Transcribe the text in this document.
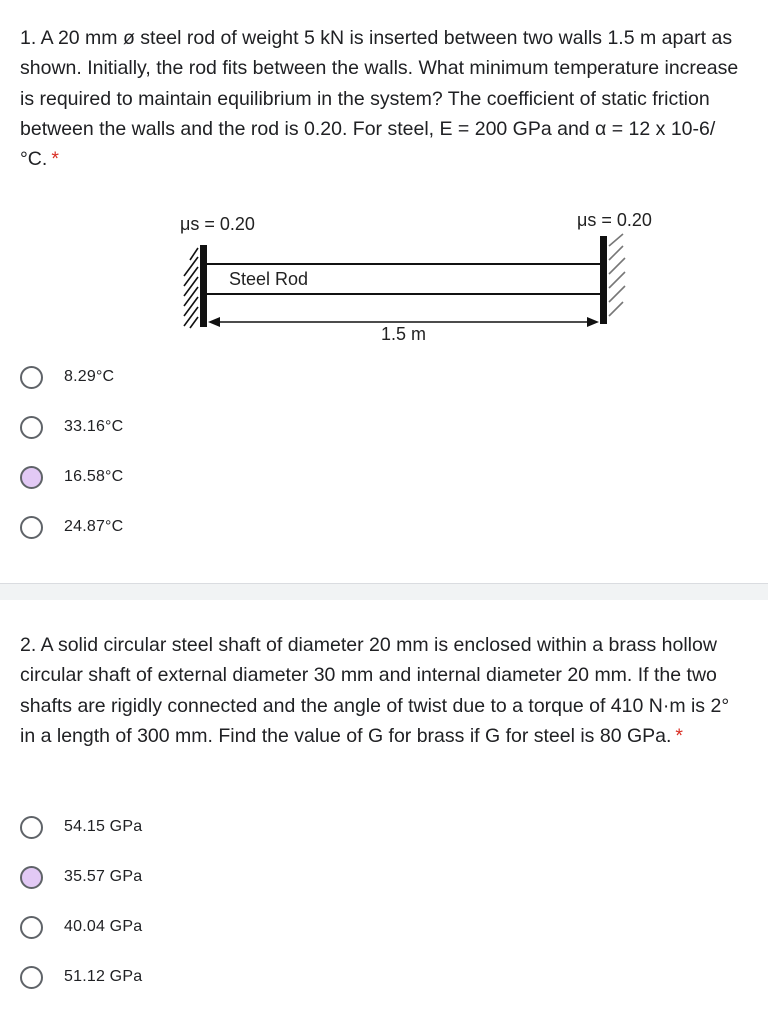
1. A 20 mm ø steel rod of weight 5 kN is inserted between two walls 1.5 m apart as shown. Initially, the rod fits between the walls. What minimum temperature increase is required to maintain equilibrium in the system? The coefficient of static friction between the walls and the rod is 0.20. For steel, E = 200 GPa and α = 12 x 10-6/°C. *
μs = 0.20	μs = 0.20
Steel Rod
1.5 m
8.29°C
33.16°C
16.58°C
24.87°C
2. A solid circular steel shaft of diameter 20 mm is enclosed within a brass hollow circular shaft of external diameter 30 mm and internal diameter 20 mm. If the two shafts are rigidly connected and the angle of twist due to a torque of 410 N·m is 2° in a length of 300 mm. Find the value of G for brass if G for steel is 80 GPa. *
54.15 GPa
35.57 GPa
40.04 GPa
51.12 GPa
